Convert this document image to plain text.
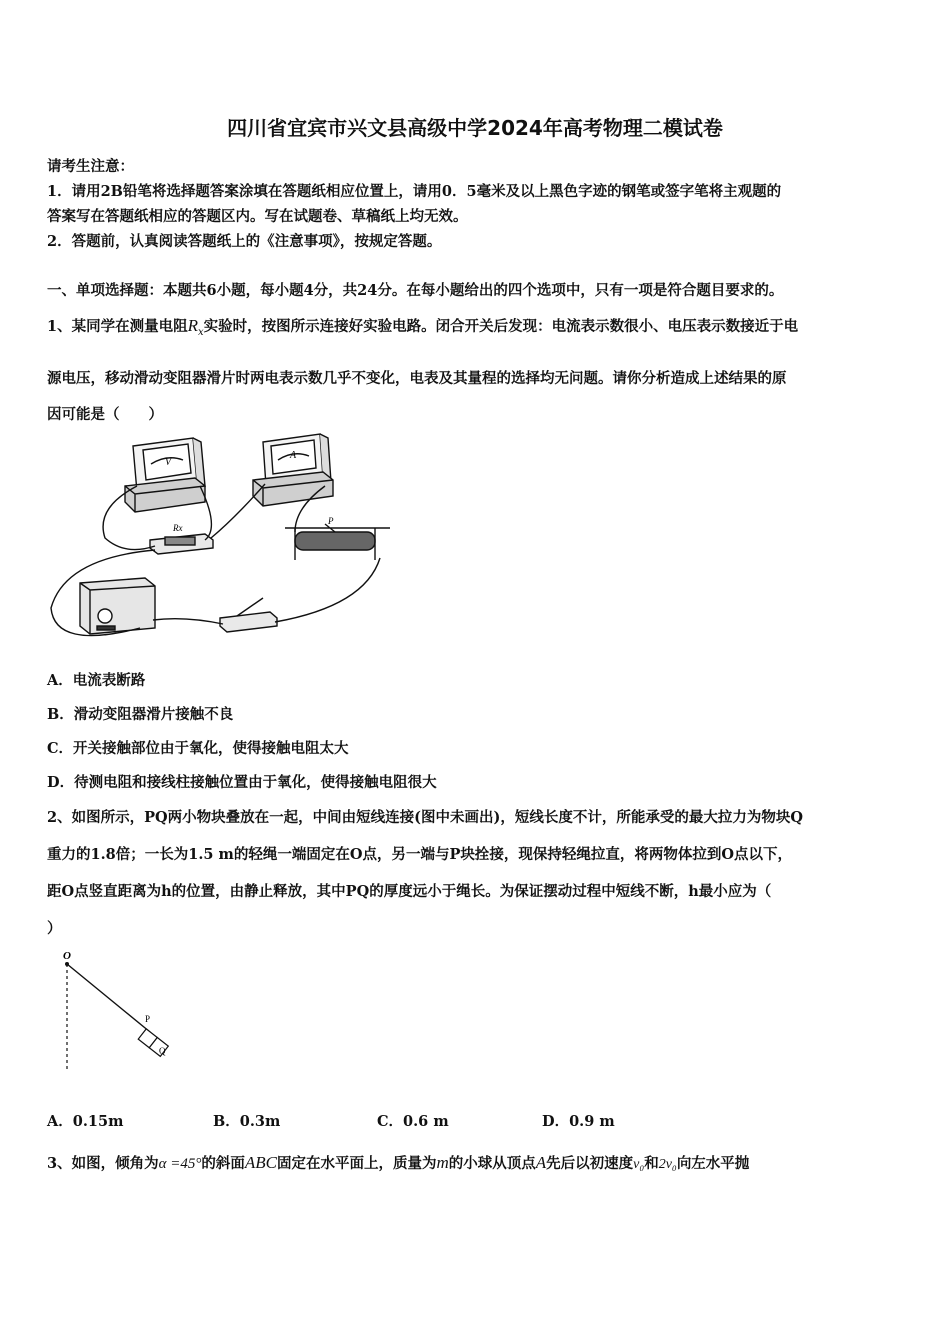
四川省宜宾市兴文县高级中学2024年高考物理二模试卷
请考生注意：
1．请用2B铅笔将选择题答案涂填在答题纸相应位置上，请用0．5毫米及以上黑色字迹的钢笔或签字笔将主观题的
答案写在答题纸相应的答题区内。写在试题卷、草稿纸上均无效。
2．答题前，认真阅读答题纸上的《注意事项》，按规定答题。
一、单项选择题：本题共6小题，每小题4分，共24分。在每小题给出的四个选项中，只有一项是符合题目要求的。
1、某同学在测量电阻$R_x$实验时，按图所示连接好实验电路。闭合开关后发现：电流表示数很小、电压表示数接近于电
源电压，移动滑动变阻器滑片时两电表示数几乎不变化，电表及其量程的选择均无问题。请你分析造成上述结果的原
因可能是（　　）
V
A
Rx
P
A．电流表断路
B．滑动变阻器滑片接触不良
C．开关接触部位由于氧化，使得接触电阻太大
D．待测电阻和接线柱接触位置由于氧化，使得接触电阻很大
2、如图所示，PQ两小物块叠放在一起，中间由短线连接(图中未画出)，短线长度不计，所能承受的最大拉力为物块Q
重力的1.8倍；一长为1.5 m的轻绳一端固定在O点，另一端与P块拴接，现保持轻绳拉直，将两物体拉到O点以下，
距O点竖直距离为h的位置，由静止释放，其中PQ的厚度远小于绳长。为保证摆动过程中短线不断，h最小应为（
）
O
P
Q
A．0.15m	B．0.3m	C．0.6 m	D．0.9 m
3、如图，倾角为α =45°的斜面ABC固定在水平面上，质量为m的小球从顶点A先后以初速度v₀和2v₀向左水平抛
